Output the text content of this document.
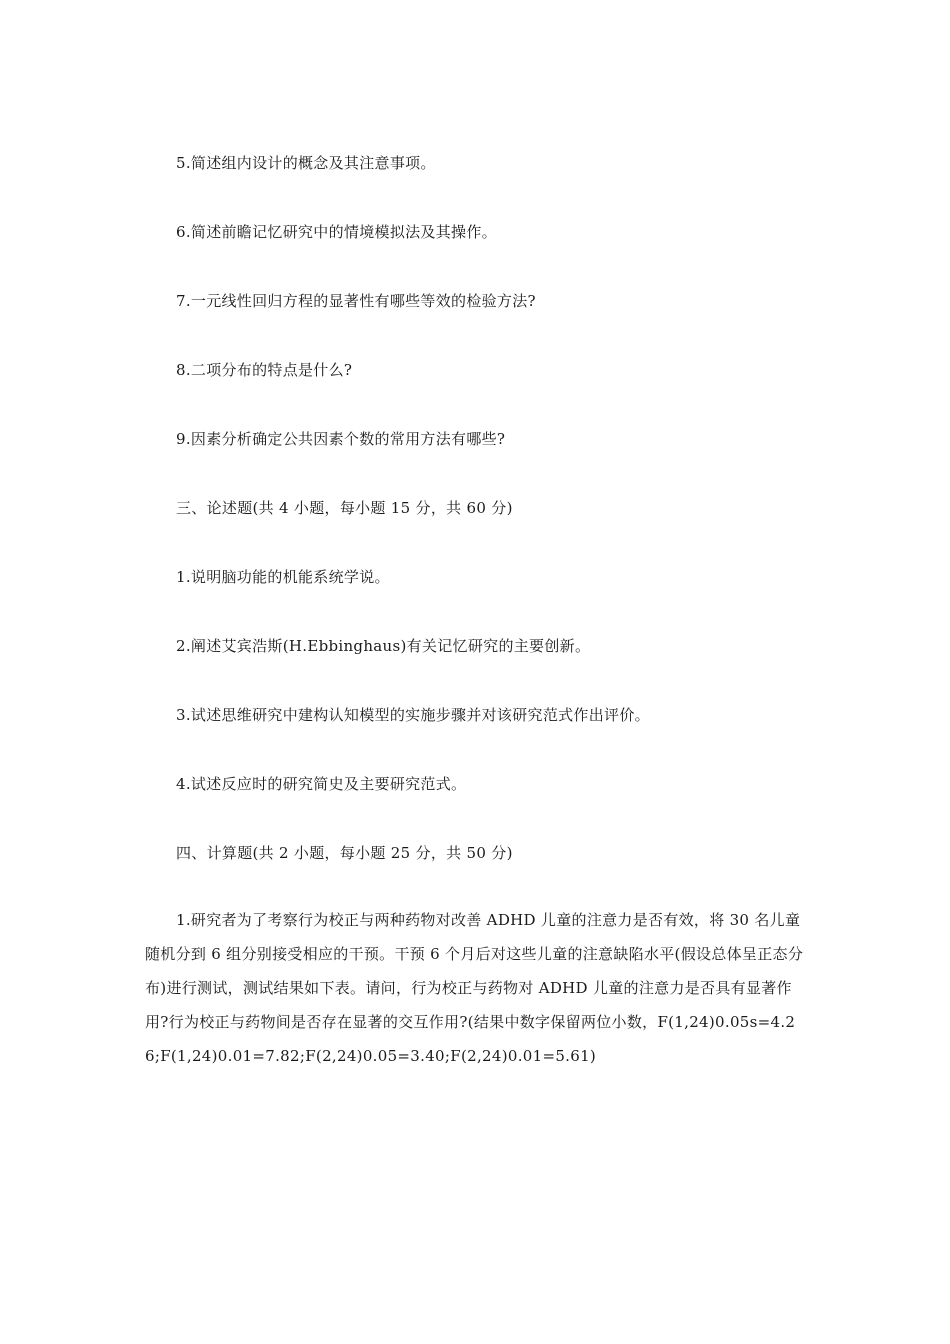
5.简述组内设计的概念及其注意事项。
6.简述前瞻记忆研究中的情境模拟法及其操作。
7.一元线性回归方程的显著性有哪些等效的检验方法?
8.二项分布的特点是什么?
9.因素分析确定公共因素个数的常用方法有哪些?
三、论述题(共 4 小题，每小题 15 分，共 60 分)
1.说明脑功能的机能系统学说。
2.阐述艾宾浩斯(H.Ebbinghaus)有关记忆研究的主要创新。
3.试述思维研究中建构认知模型的实施步骤并对该研究范式作出评价。
4.试述反应时的研究简史及主要研究范式。
四、计算题(共 2 小题，每小题 25 分，共 50 分)
1.研究者为了考察行为校正与两种药物对改善 ADHD 儿童的注意力是否有效，将 30 名儿童随机分到 6 组分别接受相应的干预。干预 6 个月后对这些儿童的注意缺陷水平(假设总体呈正态分布)进行测试，测试结果如下表。请问，行为校正与药物对 ADHD 儿童的注意力是否具有显著作用?行为校正与药物间是否存在显著的交互作用?(结果中数字保留两位小数，F(1,24)0.05s=4.26;F(1,24)0.01=7.82;F(2,24)0.05=3.40;F(2,24)0.01=5.61)
